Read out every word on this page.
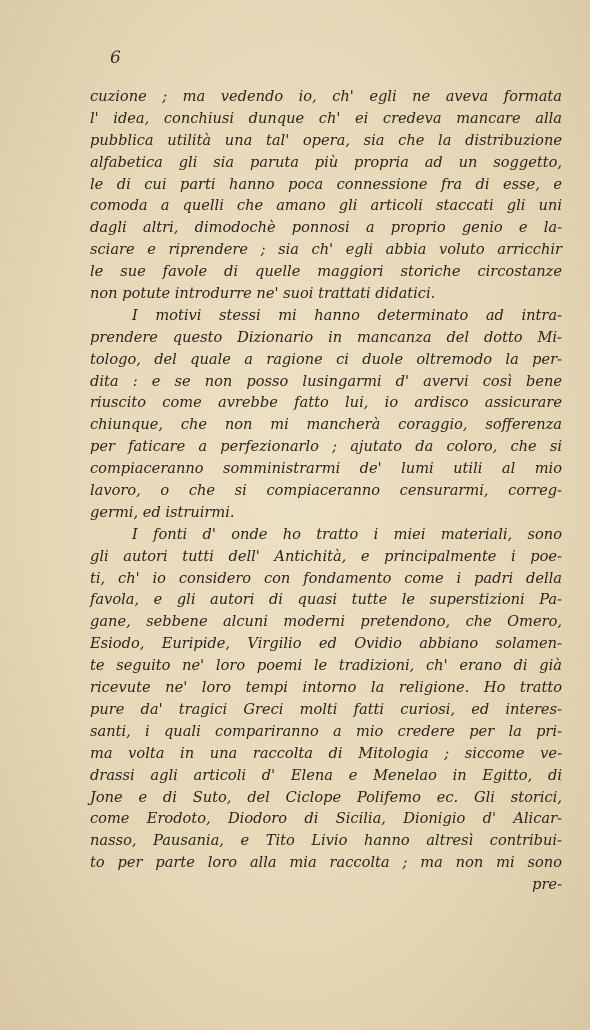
6
cuzione ; ma vedendo io, ch' egli ne aveva formata
l' idea, conchiusi dunque ch' ei credeva mancare alla
pubblica utilità una tal' opera, sia che la distribuzione
alfabetica gli sia paruta più propria ad un soggetto,
le di cui parti hanno poca connessione fra di esse, e
comoda a quelli che amano gli articoli staccati gli uni
dagli altri, dimodochè ponnosi a proprio genio e la-
sciare e riprendere ; sia ch' egli abbia voluto arricchir
le sue favole di quelle maggiori storiche circostanze
non potute introdurre ne' suoi trattati didatici.
I motivi stessi mi hanno determinato ad intra-
prendere questo Dizionario in mancanza del dotto Mi-
tologo, del quale a ragione ci duole oltremodo la per-
dita : e se non posso lusingarmi d' avervi così bene
riuscito come avrebbe fatto lui, io ardisco assicurare
chiunque, che non mi mancherà coraggio, sofferenza
per faticare a perfezionarlo ; ajutato da coloro, che si
compiaceranno somministrarmi de' lumi utili al mio
lavoro, o che si compiaceranno censurarmi, correg-
germi, ed istruirmi.
I fonti d' onde ho tratto i miei materiali, sono
gli autori tutti dell' Antichità, e principalmente i poe-
ti, ch' io considero con fondamento come i padri della
favola, e gli autori di quasi tutte le superstizioni Pa-
gane, sebbene alcuni moderni pretendono, che Omero,
Esiodo, Euripide, Virgilio ed Ovidio abbiano solamen-
te seguito ne' loro poemi le tradizioni, ch' erano di già
ricevute ne' loro tempi intorno la religione. Ho tratto
pure da' tragici Greci molti fatti curiosi, ed interes-
santi, i quali compariranno a mio credere per la pri-
ma volta in una raccolta di Mitologia ; siccome ve-
drassi agli articoli d' Elena e Menelao in Egitto, di
Jone e di Suto, del Ciclope Polifemo ec. Gli storici,
come Erodoto, Diodoro di Sicilia, Dionigio d' Alicar-
nasso, Pausania, e Tito Livio hanno altresì contribui-
to per parte loro alla mia raccolta ; ma non mi sono
pre-
